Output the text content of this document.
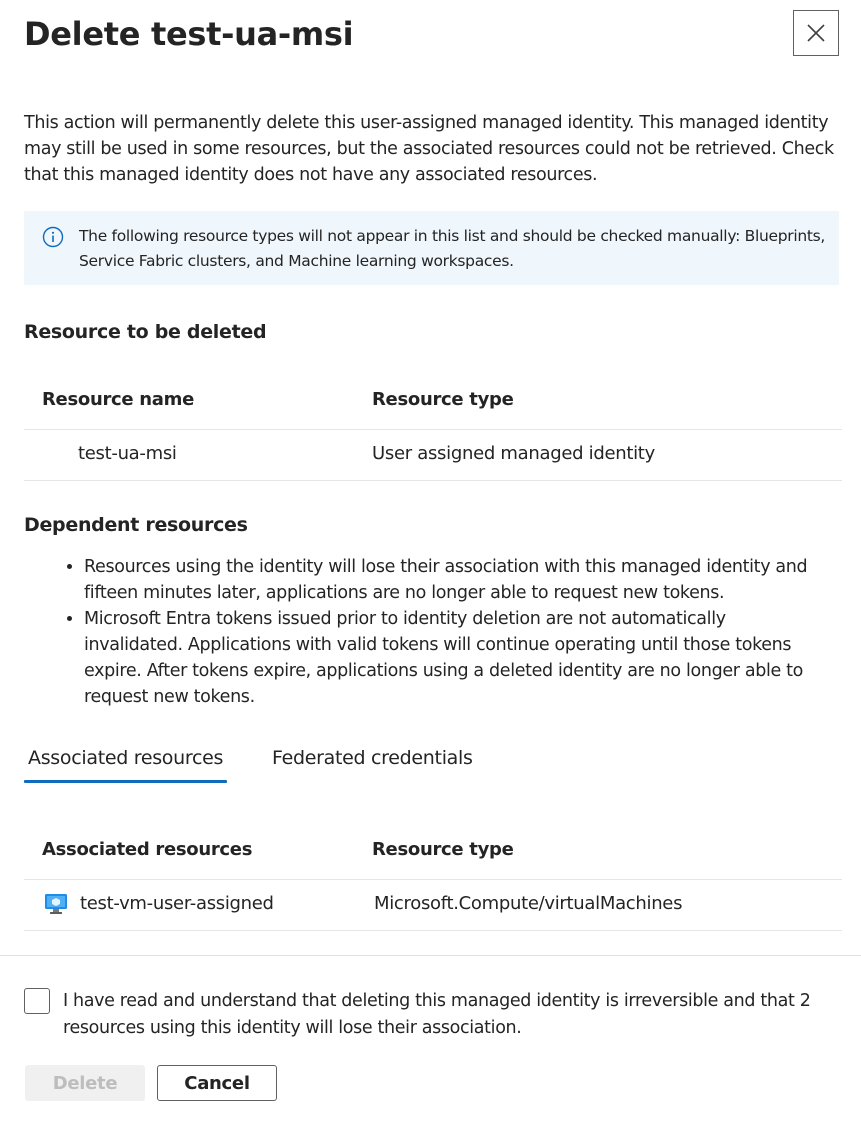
Delete test-ua-msi

This action will permanently delete this user-assigned managed identity. This managed identity may still be used in some resources, but the associated resources could not be retrieved. Check that this managed identity does not have any associated resources.

The following resource types will not appear in this list and should be checked manually: Blueprints, Service Fabric clusters, and Machine learning workspaces.

Resource to be deleted
Resource name	Resource type
test-ua-msi	User assigned managed identity
Dependent resources
• Resources using the identity will lose their association with this managed identity and fifteen minutes later, applications are no longer able to request new tokens.
• Microsoft Entra tokens issued prior to identity deletion are not automatically invalidated. Applications with valid tokens will continue operating until those tokens expire. After tokens expire, applications using a deleted identity are no longer able to request new tokens.
Associated resources	Federated credentials
Associated resources	Resource type
test-vm-user-assigned	Microsoft.Compute/virtualMachines

I have read and understand that deleting this managed identity is irreversible and that 2 resources using this identity will lose their association.

Delete	Cancel
